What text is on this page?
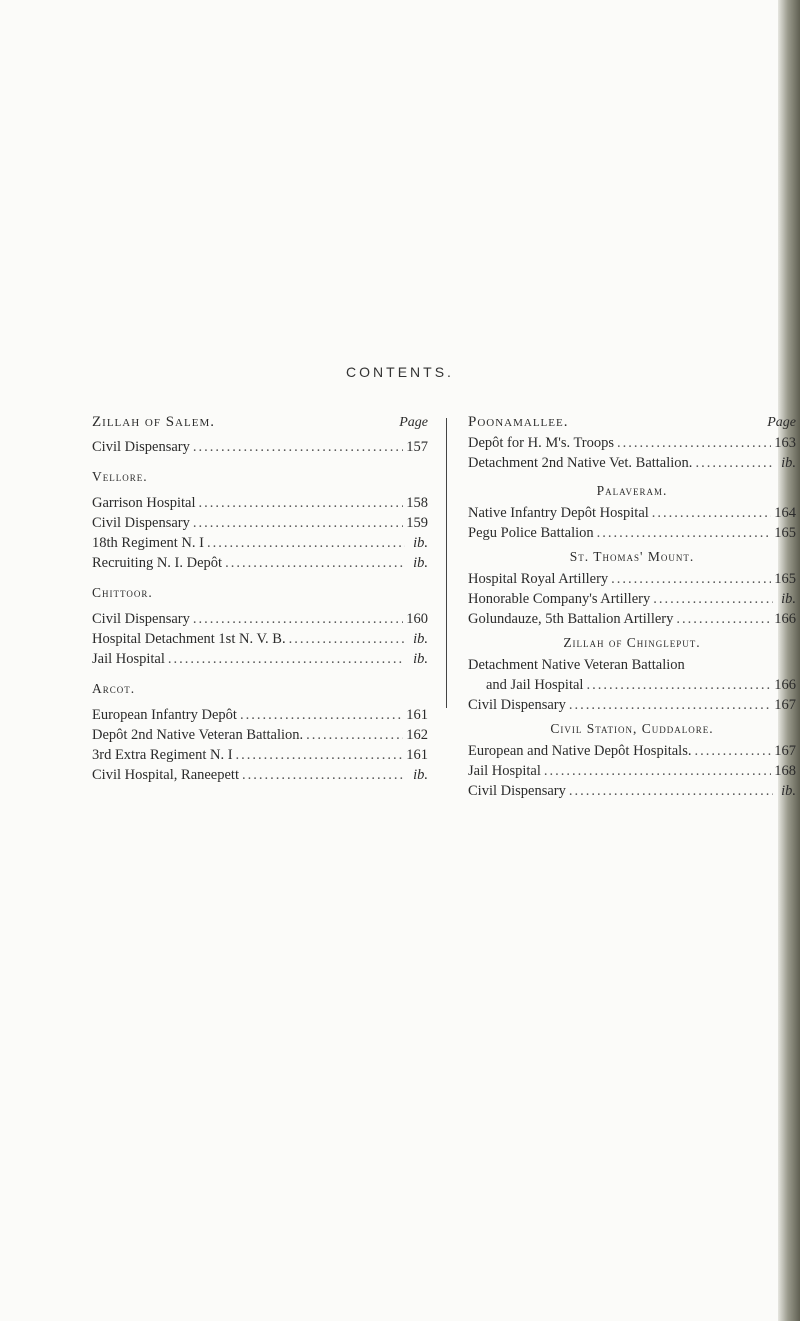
CONTENTS.
Zillah of Salem.	Page
Civil Dispensary .....	157
Vellore.
Garrison Hospital .....	158
Civil Dispensary .....	159
18th Regiment N. I .....	ib.
Recruiting N. I. Depôt .....	ib.
Chittoor.
Civil Dispensary .....	160
Hospital Detachment 1st N. V. B. .....	ib.
Jail Hospital .....	ib.
Arcot.
European Infantry Depôt .....	161
Depôt 2nd Native Veteran Battalion. .....	162
3rd Extra Regiment N. I .....	161
Civil Hospital, Raneepett .....	ib.
Poonamallee.	Page
Depôt for H. M's. Troops .....	163
Detachment 2nd Native Vet. Battalion. .....	ib.
Palaveram.
Native Infantry Depôt Hospital .....	164
Pegu Police Battalion .....	165
St. Thomas' Mount.
Hospital Royal Artillery .....	165
Honorable Company's Artillery .....	ib.
Golundauze, 5th Battalion Artillery .....	166
Zillah of Chingleput.
Detachment Native Veteran Battalion
and Jail Hospital .....	166
Civil Dispensary .....	167
Civil Station, Cuddalore.
European and Native Depôt Hospitals. .....	167
Jail Hospital .....	168
Civil Dispensary .....	ib.
